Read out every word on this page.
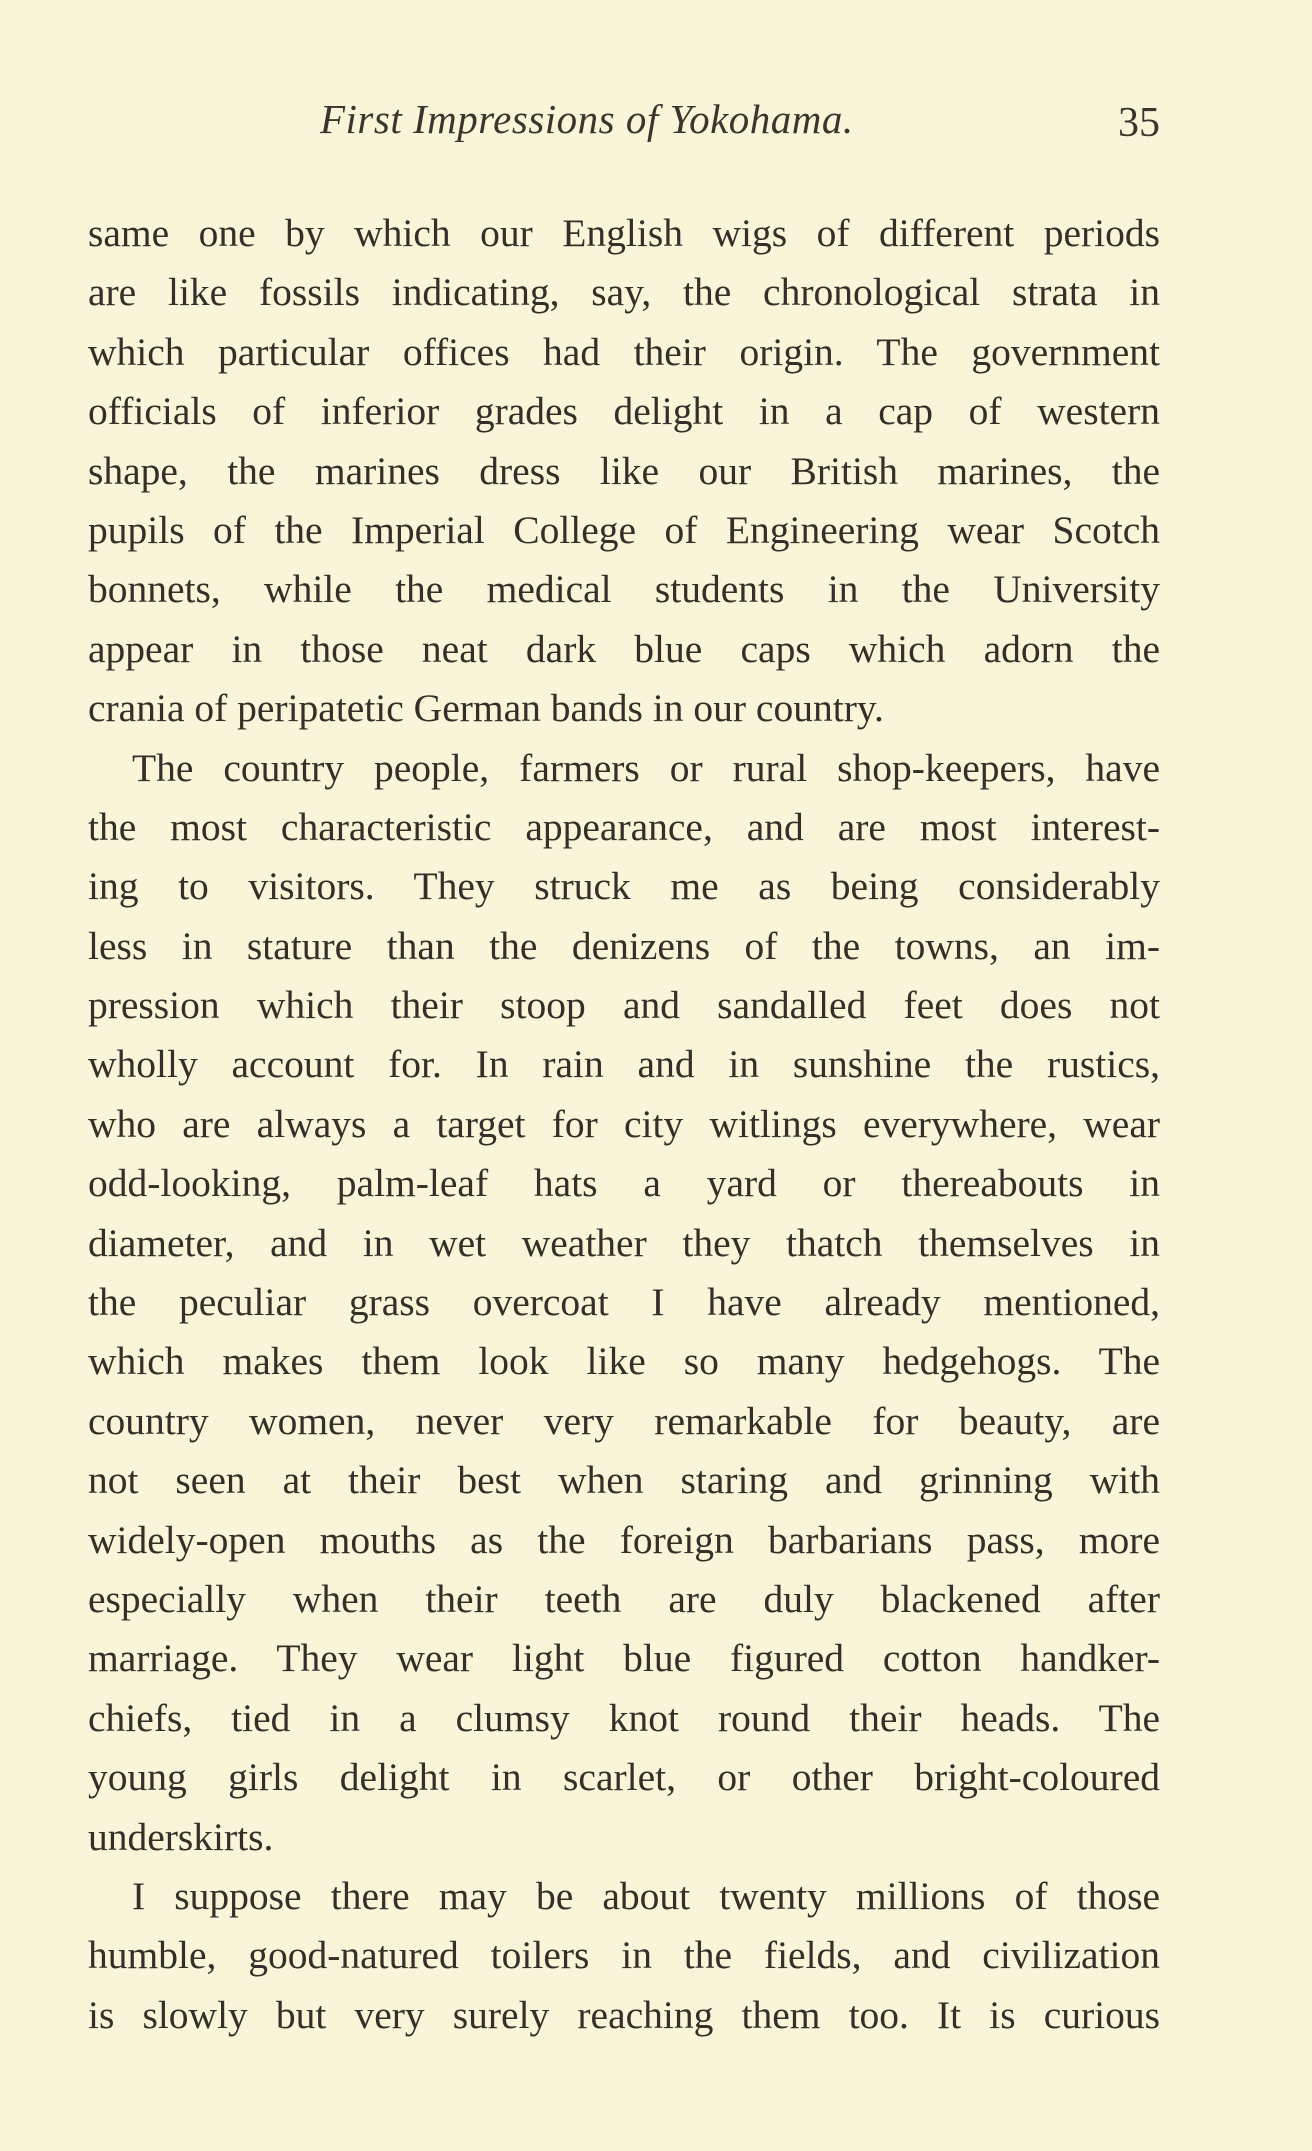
First Impressions of Yokohama.	35
same one by which our English wigs of different periods
are like fossils indicating, say, the chronological strata in
which particular offices had their origin. The government
officials of inferior grades delight in a cap of western
shape, the marines dress like our British marines, the
pupils of the Imperial College of Engineering wear Scotch
bonnets, while the medical students in the University
appear in those neat dark blue caps which adorn the
crania of peripatetic German bands in our country.
The country people, farmers or rural shop-keepers, have
the most characteristic appearance, and are most interest-
ing to visitors. They struck me as being considerably
less in stature than the denizens of the towns, an im-
pression which their stoop and sandalled feet does not
wholly account for. In rain and in sunshine the rustics,
who are always a target for city witlings everywhere, wear
odd-looking, palm-leaf hats a yard or thereabouts in
diameter, and in wet weather they thatch themselves in
the peculiar grass overcoat I have already mentioned,
which makes them look like so many hedgehogs. The
country women, never very remarkable for beauty, are
not seen at their best when staring and grinning with
widely-open mouths as the foreign barbarians pass, more
especially when their teeth are duly blackened after
marriage. They wear light blue figured cotton handker-
chiefs, tied in a clumsy knot round their heads. The
young girls delight in scarlet, or other bright-coloured
underskirts.
I suppose there may be about twenty millions of those
humble, good-natured toilers in the fields, and civilization
is slowly but very surely reaching them too. It is curious
